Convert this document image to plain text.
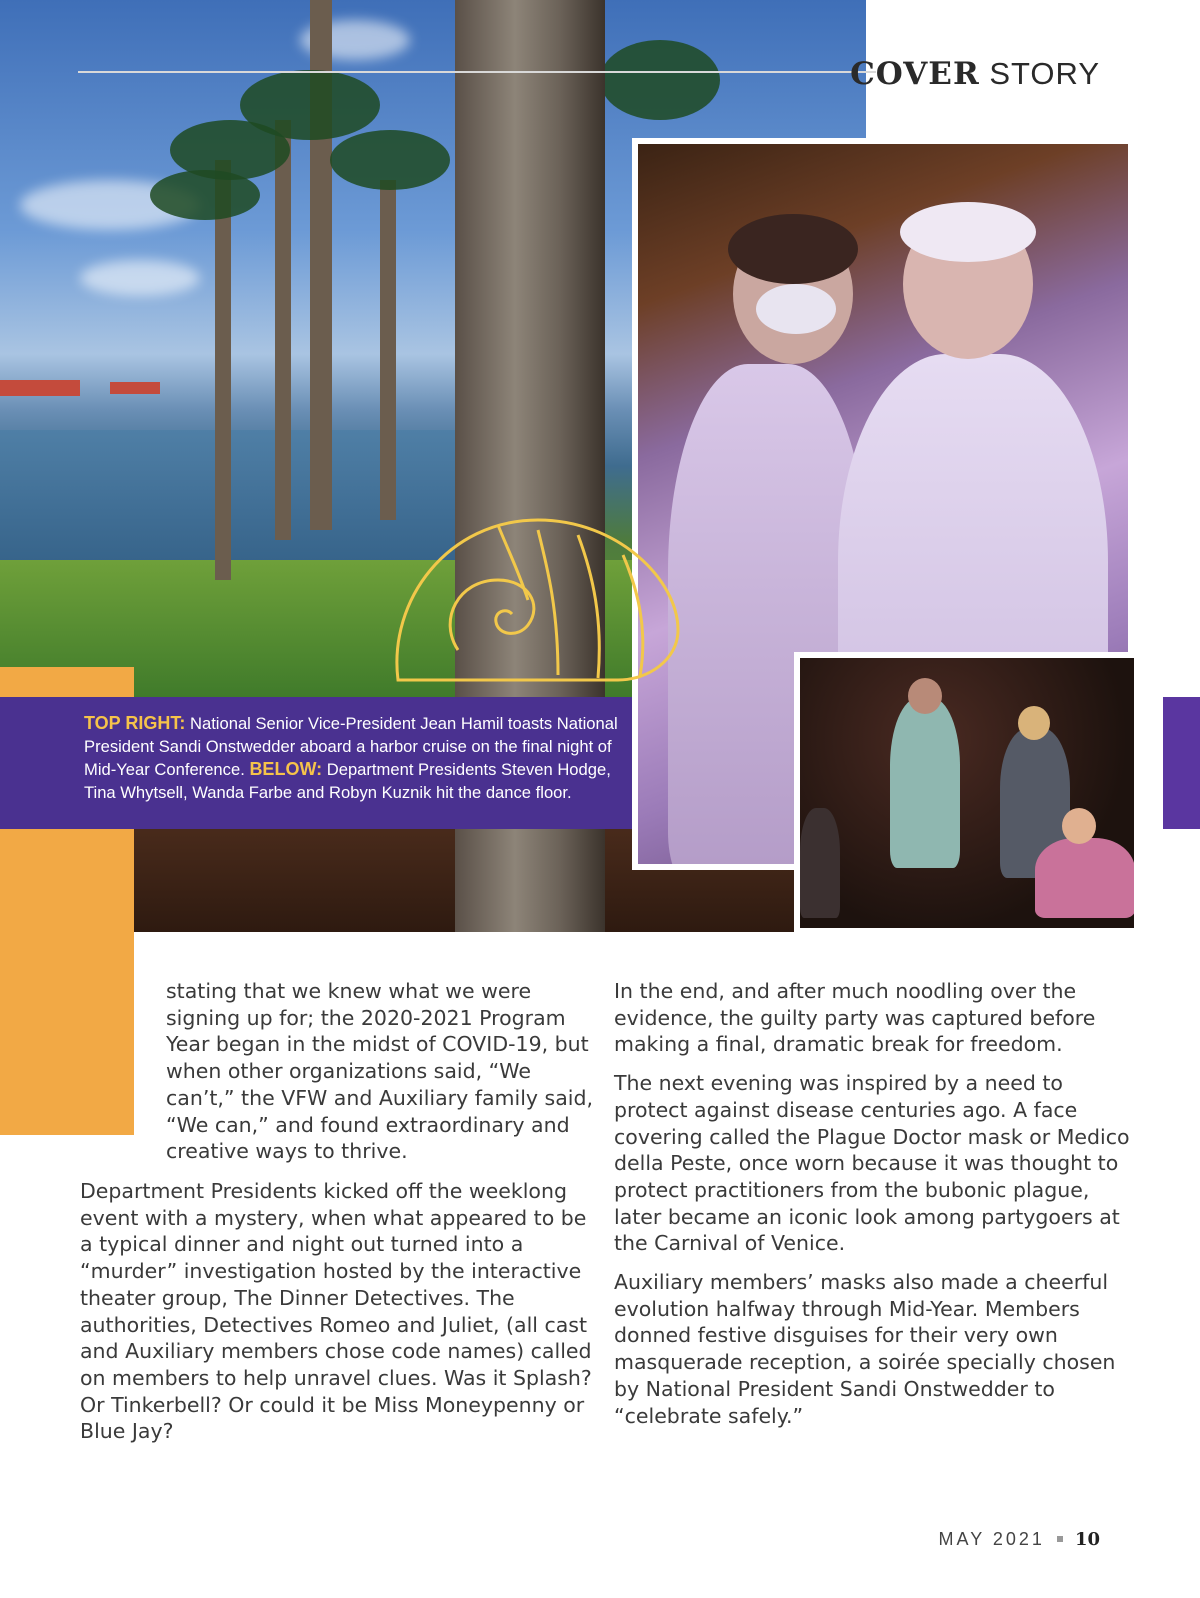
COVER STORY
TOP RIGHT: National Senior Vice-President Jean Hamil toasts National President Sandi Onstwedder aboard a harbor cruise on the final night of Mid-Year Conference. BELOW: Department Presidents Steven Hodge, Tina Whytsell, Wanda Farbe and Robyn Kuznik hit the dance floor.

stating that we knew what we were signing up for; the 2020-2021 Program Year began in the midst of COVID-19, but when other organizations said, “We can’t,” the VFW and Auxiliary family said, “We can,” and found extraordinary and creative ways to thrive.

Department Presidents kicked off the weeklong event with a mystery, when what appeared to be a typical dinner and night out turned into a “murder” investigation hosted by the interactive theater group, The Dinner Detectives. The authorities, Detectives Romeo and Juliet, (all cast and Auxiliary members chose code names) called on members to help unravel clues. Was it Splash? Or Tinkerbell? Or could it be Miss Moneypenny or Blue Jay?

In the end, and after much noodling over the evidence, the guilty party was captured before making a final, dramatic break for freedom.

The next evening was inspired by a need to protect against disease centuries ago. A face covering called the Plague Doctor mask or Medico della Peste, once worn because it was thought to protect practitioners from the bubonic plague, later became an iconic look among partygoers at the Carnival of Venice.

Auxiliary members’ masks also made a cheerful evolution halfway through Mid-Year. Members donned festive disguises for their very own masquerade reception, a soirée specially chosen by National President Sandi Onstwedder to “celebrate safely.”

MAY 2021 10
